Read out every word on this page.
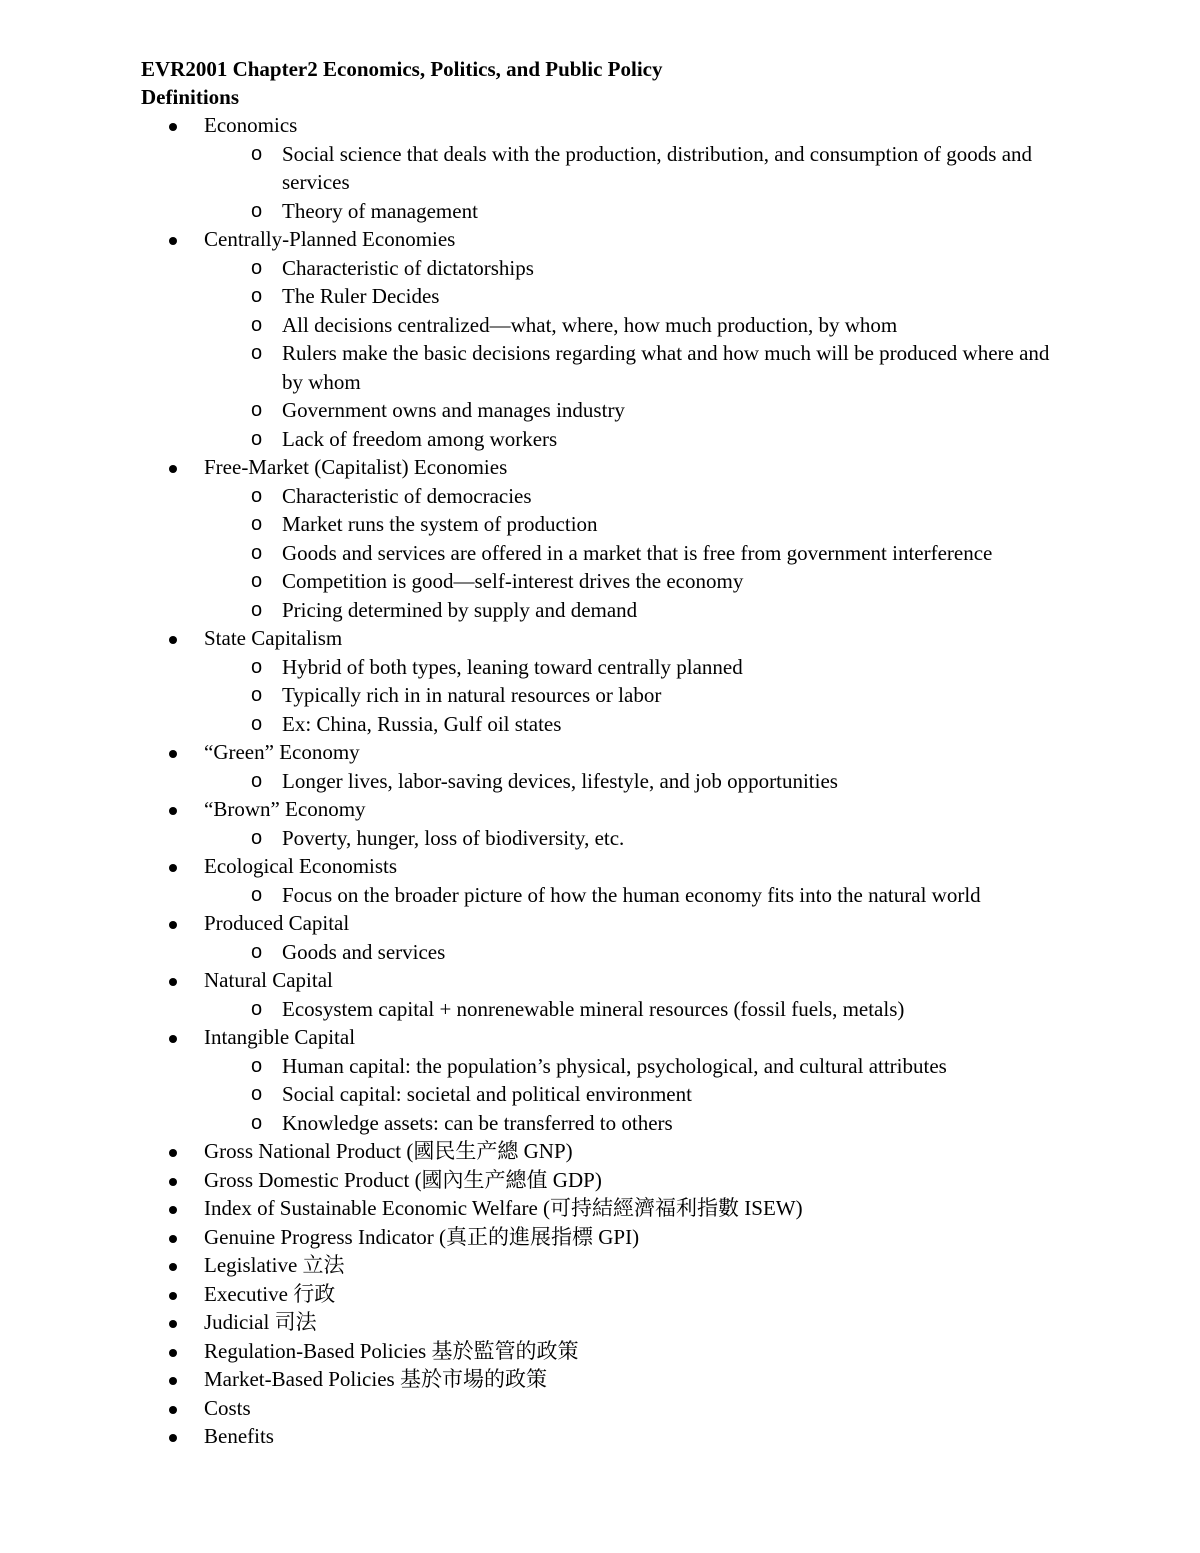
EVR2001 Chapter2 Economics, Politics, and Public Policy
Definitions
Economics
o Social science that deals with the production, distribution, and consumption of goods and services
o Theory of management
Centrally-Planned Economies
o Characteristic of dictatorships
o The Ruler Decides
o All decisions centralized—what, where, how much production, by whom
o Rulers make the basic decisions regarding what and how much will be produced where and by whom
o Government owns and manages industry
o Lack of freedom among workers
Free-Market (Capitalist) Economies
o Characteristic of democracies
o Market runs the system of production
o Goods and services are offered in a market that is free from government interference
o Competition is good—self-interest drives the economy
o Pricing determined by supply and demand
State Capitalism
o Hybrid of both types, leaning toward centrally planned
o Typically rich in in natural resources or labor
o Ex: China, Russia, Gulf oil states
“Green” Economy
o Longer lives, labor-saving devices, lifestyle, and job opportunities
“Brown” Economy
o Poverty, hunger, loss of biodiversity, etc.
Ecological Economists
o Focus on the broader picture of how the human economy fits into the natural world
Produced Capital
o Goods and services
Natural Capital
o Ecosystem capital + nonrenewable mineral resources (fossil fuels, metals)
Intangible Capital
o Human capital: the population’s physical, psychological, and cultural attributes
o Social capital: societal and political environment
o Knowledge assets: can be transferred to others
Gross National Product (國民生产總 GNP)
Gross Domestic Product (國內生产總值 GDP)
Index of Sustainable Economic Welfare (可持結經濟福利指數 ISEW)
Genuine Progress Indicator (真正的進展指標 GPI)
Legislative 立法
Executive 行政
Judicial 司法
Regulation-Based Policies 基於監管的政策
Market-Based Policies 基於市場的政策
Costs
Benefits
